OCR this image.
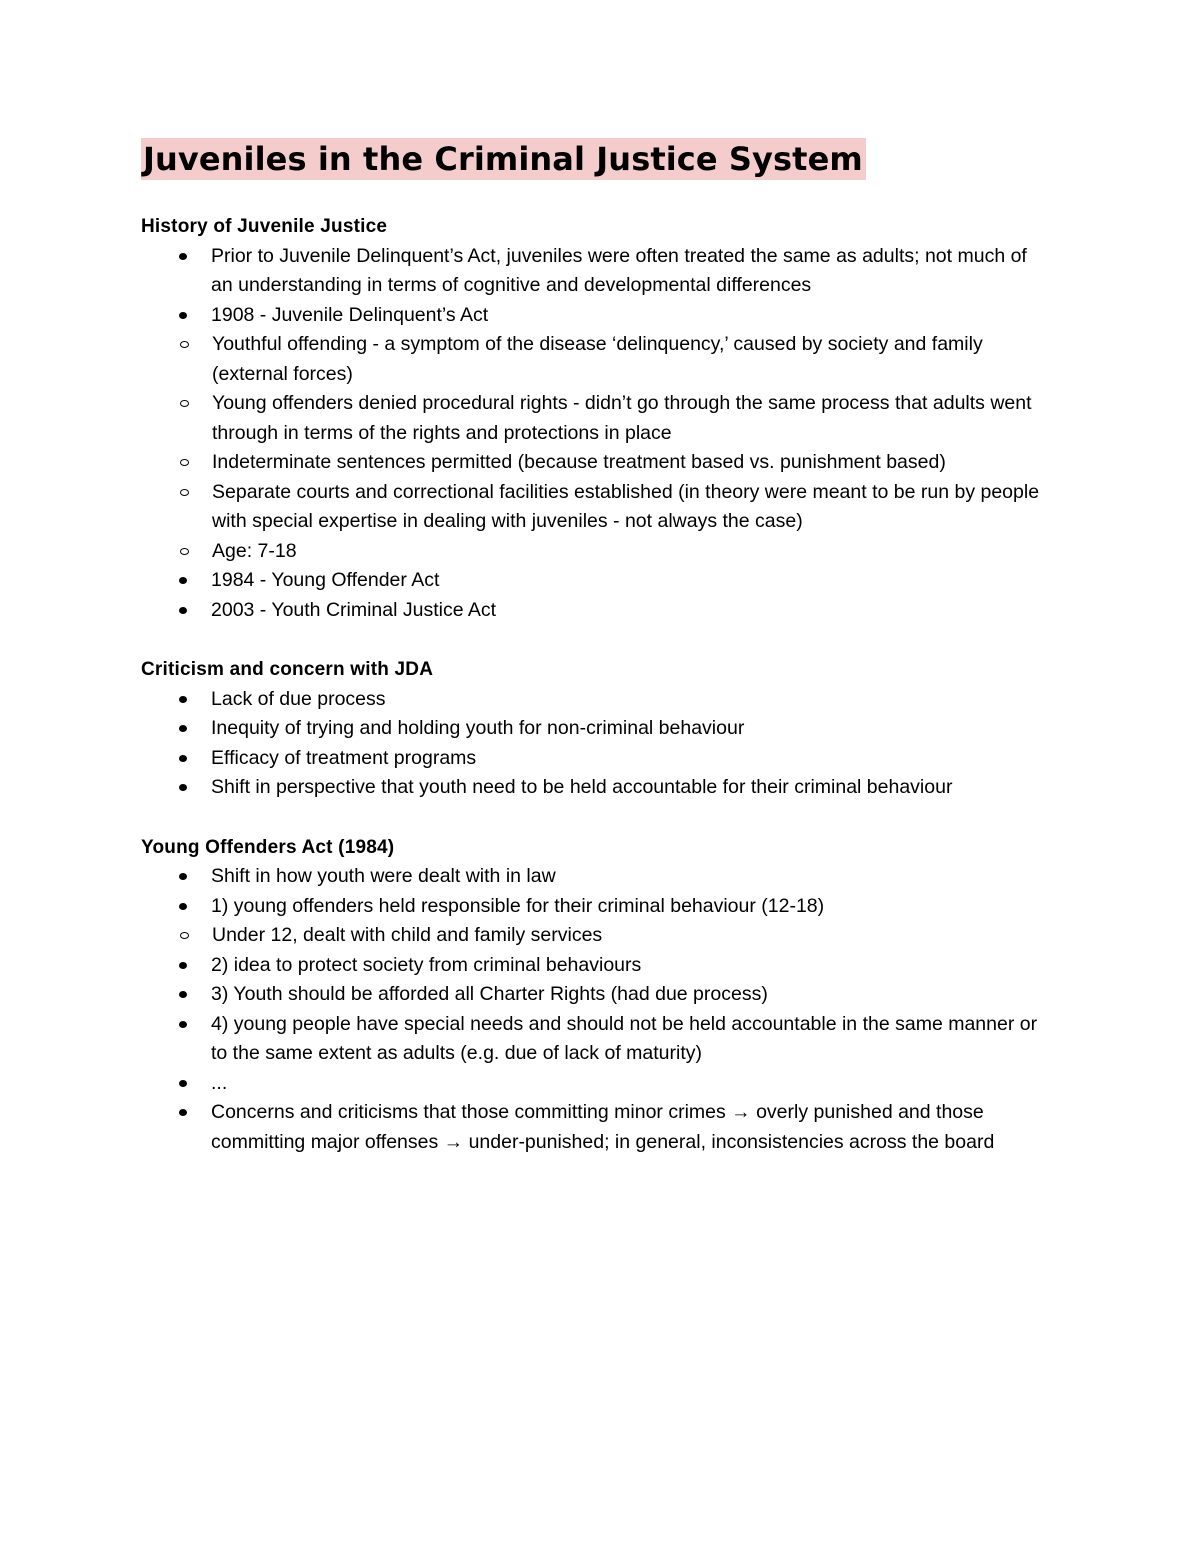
Juveniles in the Criminal Justice System
History of Juvenile Justice
Prior to Juvenile Delinquent’s Act, juveniles were often treated the same as adults; not much of an understanding in terms of cognitive and developmental differences
1908 - Juvenile Delinquent’s Act
Youthful offending - a symptom of the disease ‘delinquency,’ caused by society and family (external forces)
Young offenders denied procedural rights - didn’t go through the same process that adults went through in terms of the rights and protections in place
Indeterminate sentences permitted (because treatment based vs. punishment based)
Separate courts and correctional facilities established (in theory were meant to be run by people with special expertise in dealing with juveniles - not always the case)
Age: 7-18
1984 - Young Offender Act
2003 - Youth Criminal Justice Act
Criticism and concern with JDA
Lack of due process
Inequity of trying and holding youth for non-criminal behaviour
Efficacy of treatment programs
Shift in perspective that youth need to be held accountable for their criminal behaviour
Young Offenders Act (1984)
Shift in how youth were dealt with in law
1) young offenders held responsible for their criminal behaviour (12-18)
Under 12, dealt with child and family services
2) idea to protect society from criminal behaviours
3) Youth should be afforded all Charter Rights (had due process)
4) young people have special needs and should not be held accountable in the same manner or to the same extent as adults (e.g. due of lack of maturity)
...
Concerns and criticisms that those committing minor crimes → overly punished and those committing major offenses → under-punished; in general, inconsistencies across the board
